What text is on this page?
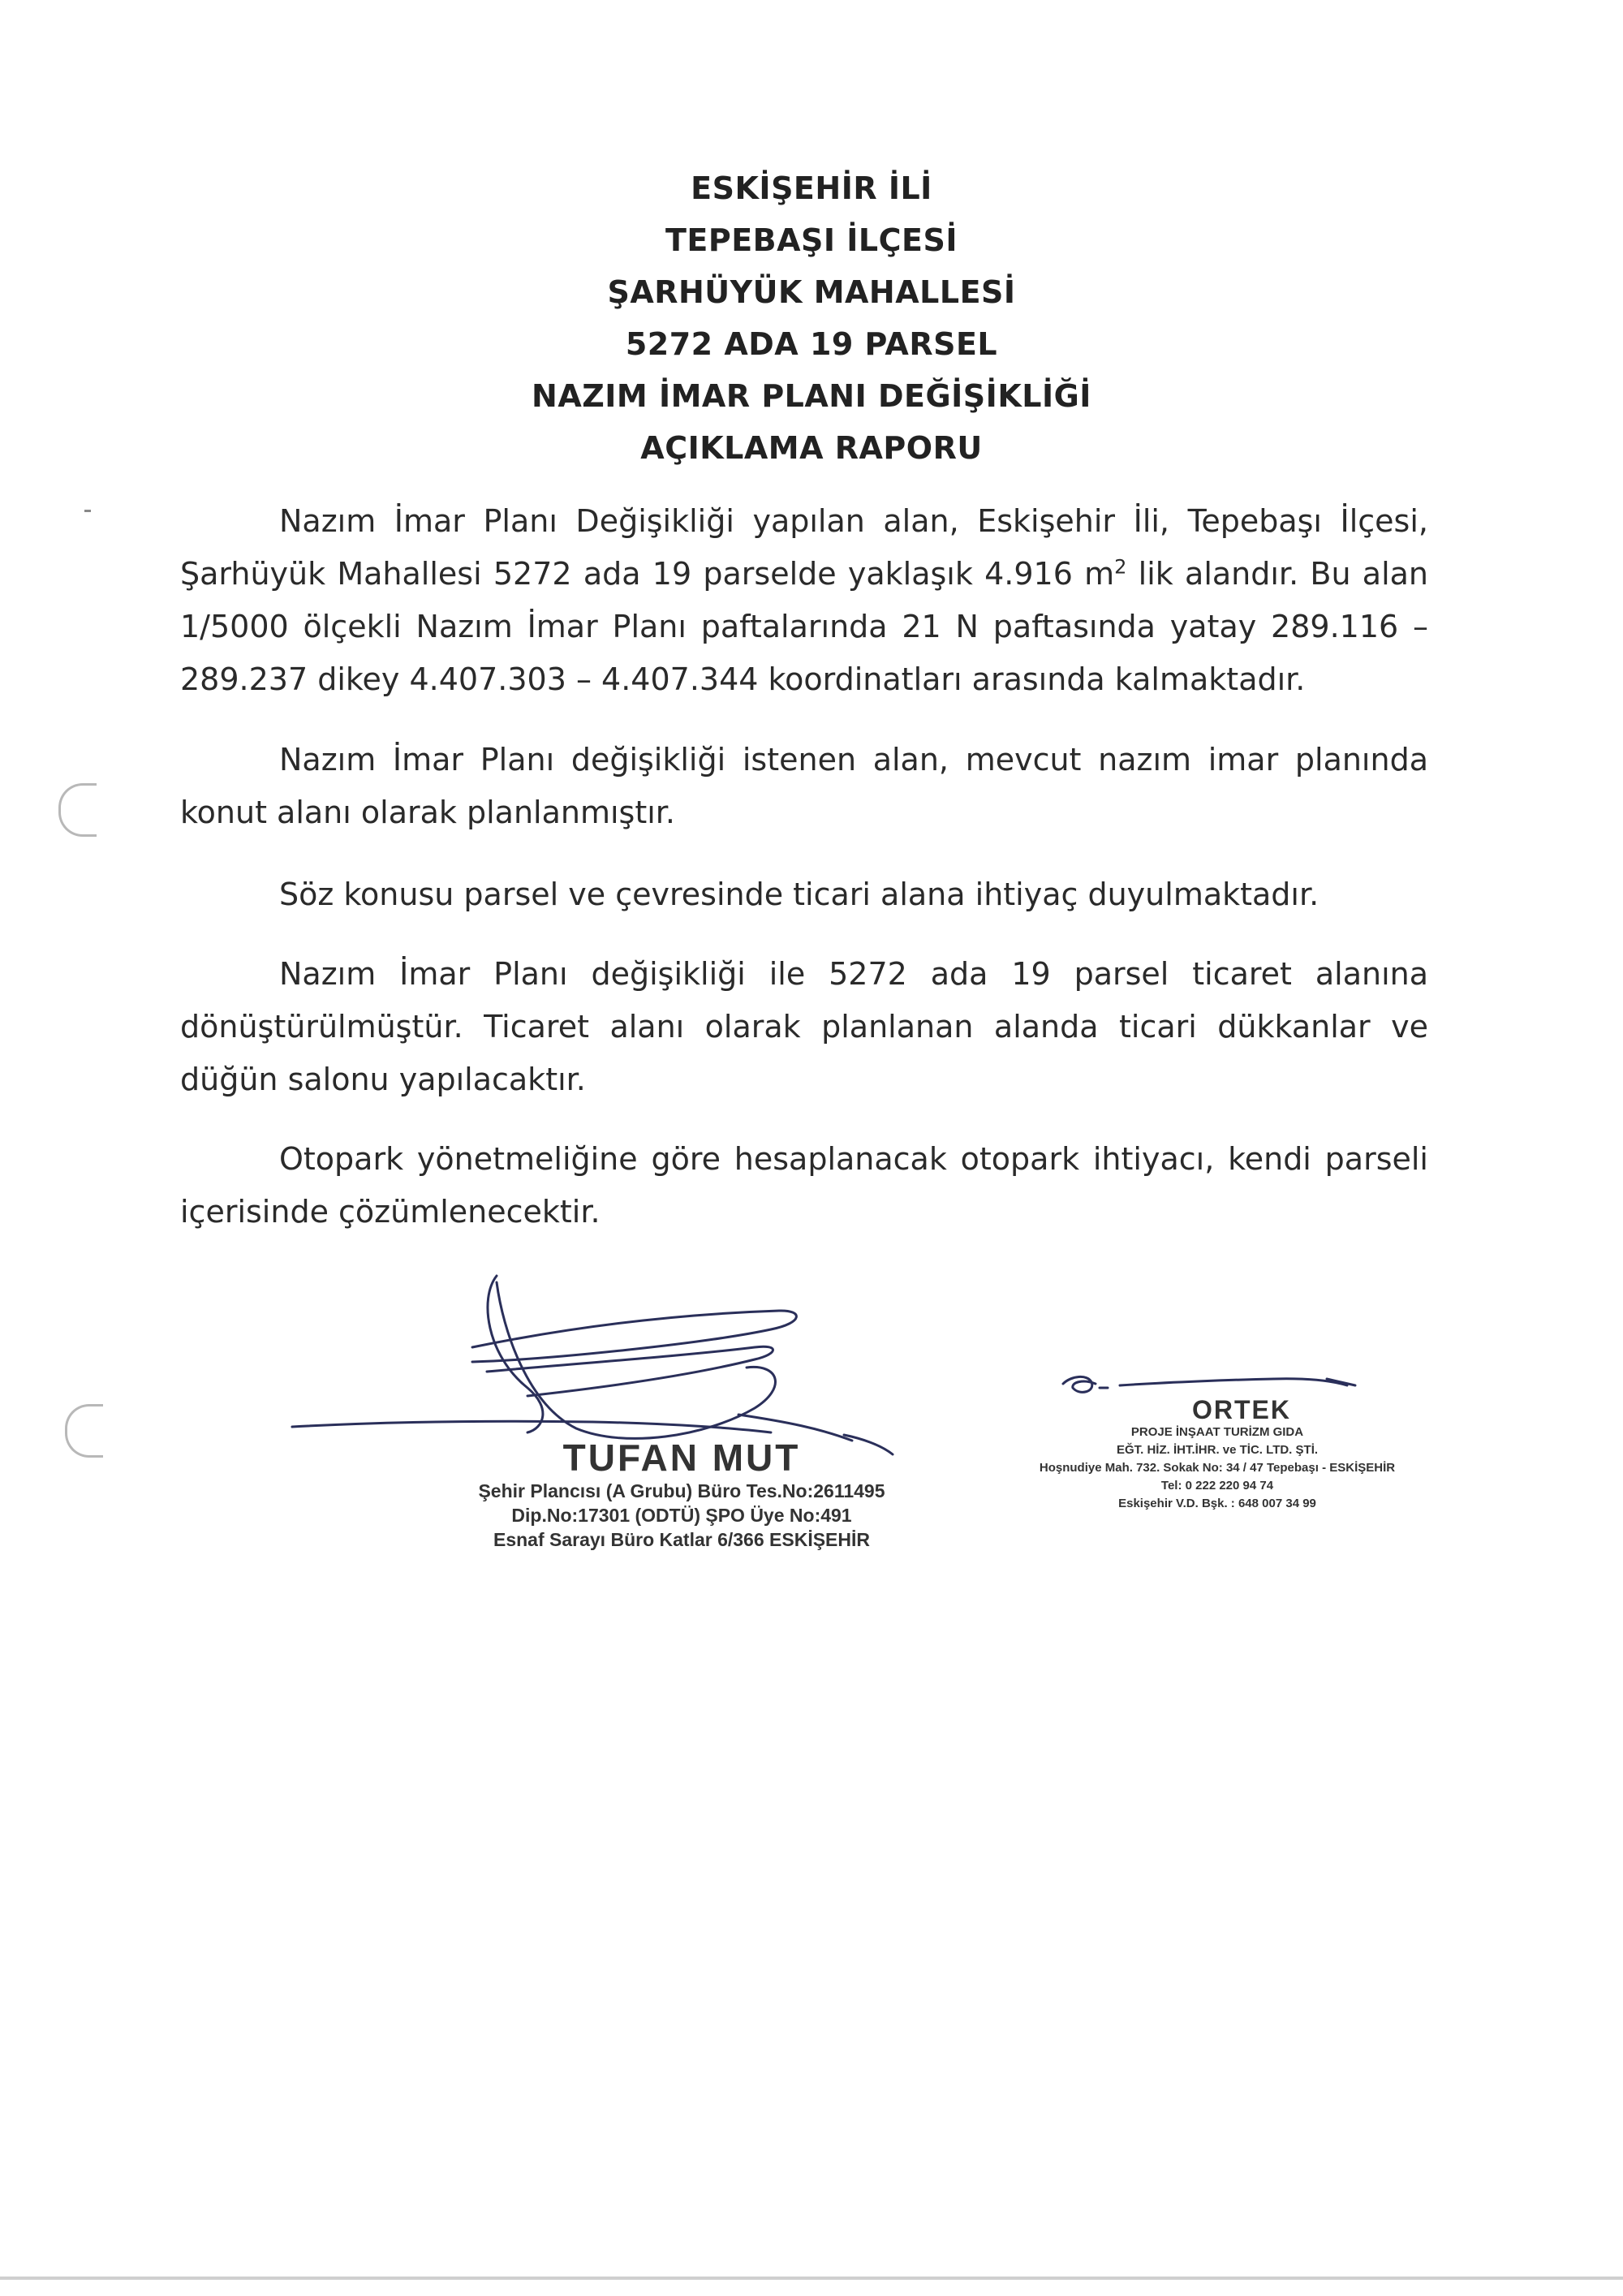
ESKİŞEHİR İLİ
TEPEBAŞI İLÇESİ
ŞARHÜYÜK MAHALLESİ
5272 ADA 19 PARSEL
NAZIM İMAR PLANI DEĞİŞİKLİĞİ
AÇIKLAMA RAPORU

Nazım İmar Planı Değişikliği yapılan alan, Eskişehir İli, Tepebaşı İlçesi, Şarhüyük Mahallesi 5272 ada 19 parselde yaklaşık 4.916 $m^2$ lik alandır. Bu alan 1/5000 ölçekli Nazım İmar Planı paftalarında 21 N paftasında yatay 289.116 – 289.237 dikey 4.407.303 – 4.407.344 koordinatları arasında kalmaktadır.

Nazım İmar Planı değişikliği istenen alan, mevcut nazım imar planında konut alanı olarak planlanmıştır.

Söz konusu parsel ve çevresinde ticari alana ihtiyaç duyulmaktadır.

Nazım İmar Planı değişikliği ile 5272 ada 19 parsel ticaret alanına dönüştürülmüştür. Ticaret alanı olarak planlanan alanda ticari dükkanlar ve düğün salonu yapılacaktır.

Otopark yönetmeliğine göre hesaplanacak otopark ihtiyacı, kendi parseli içerisinde çözümlenecektir.

TUFAN MUT
Şehir Plancısı (A Grubu) Büro Tes.No:2611495
Dip.No:17301 (ODTÜ) ŞPO Üye No:491
Esnaf Sarayı Büro Katlar 6/366 ESKİŞEHİR
ORTEK
PROJE İNŞAAT TURİZM GIDA
EĞT. HİZ. İHT.İHR. ve TİC. LTD. ŞTİ.
Hoşnudiye Mah. 732. Sokak No: 34 / 47 Tepebaşı - ESKİŞEHİR
Tel: 0 222 220 94 74
Eskişehir V.D. Bşk. : 648 007 34 99
